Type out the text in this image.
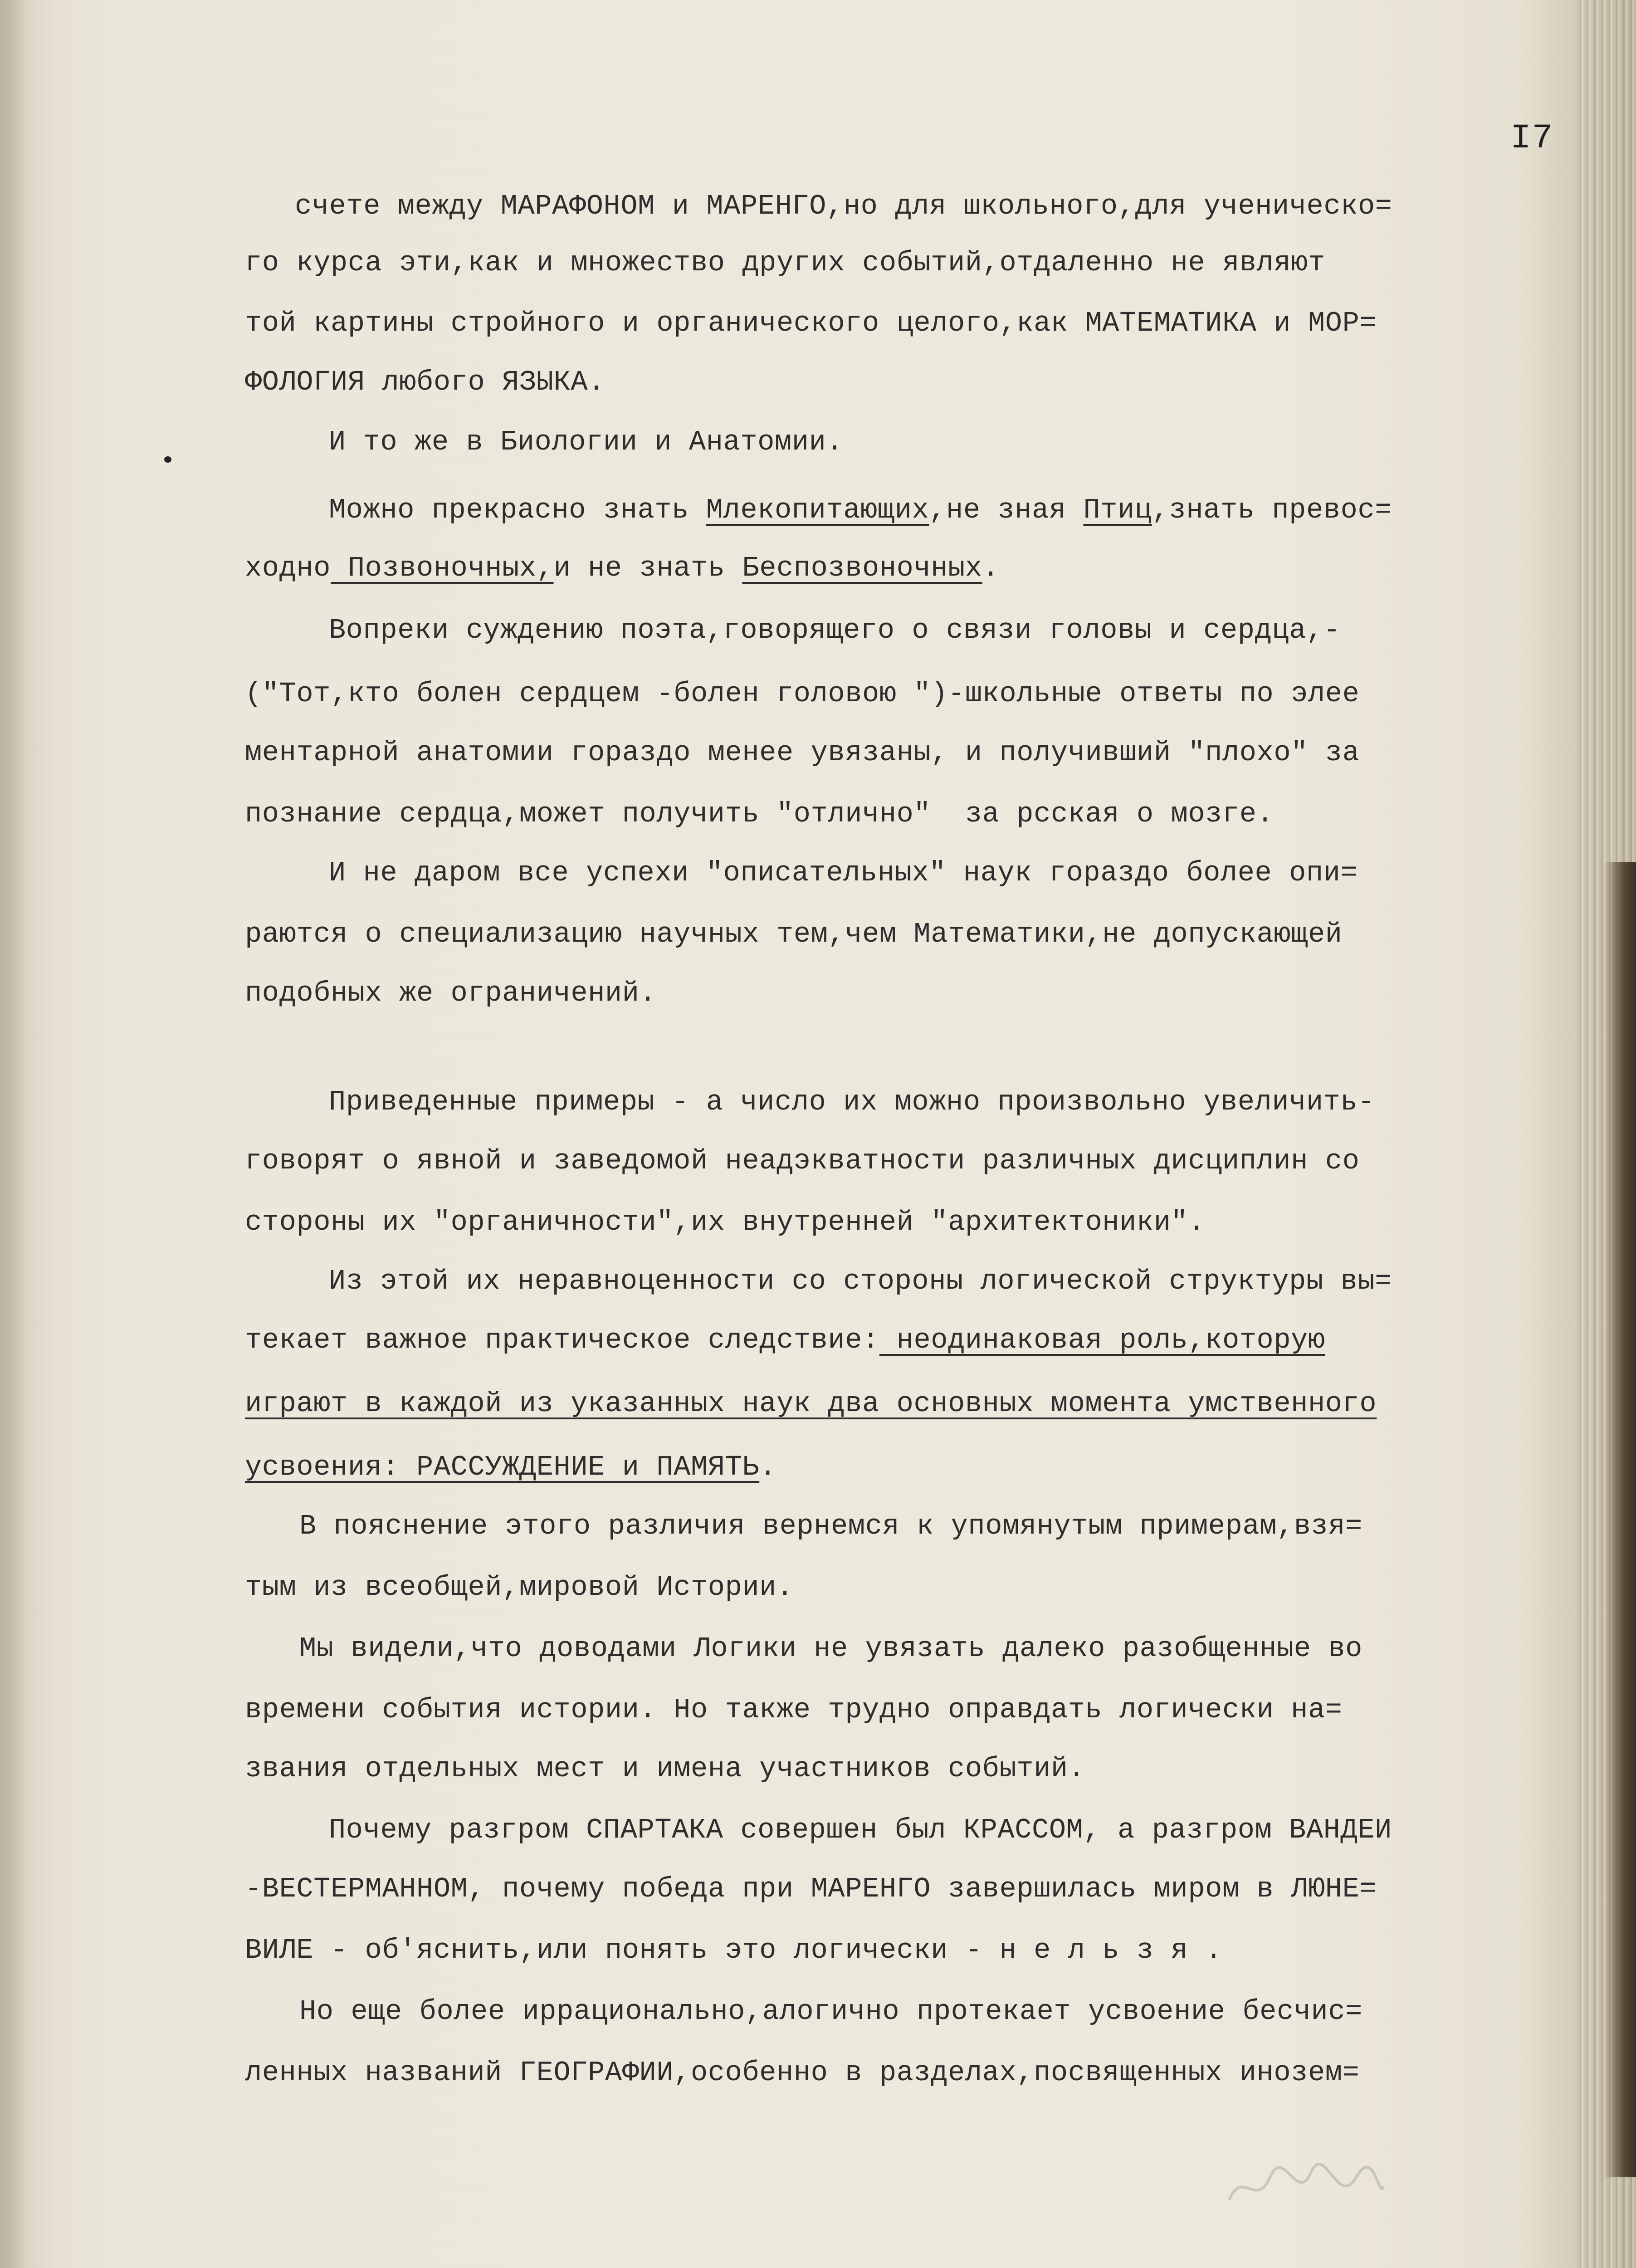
I7
счете между МАРАФОНОМ и МАРЕНГО,но для школьного,для ученическо=
го курса эти,как и множество других событий,отдаленно не являют
той картины стройного и органического целого,как МАТЕМАТИКА и МОР=
ФОЛОГИЯ любого ЯЗЫКА.
И то же в Биологии и Анатомии.
Можно прекрасно знать Млекопитающих,не зная Птиц,знать превос=
ходно Позвоночных,и не знать Беспозвоночных.
Вопреки суждению поэта,говорящего о связи головы и сердца,-
("Тот,кто болен сердцем -болен головою ")-школьные ответы по элее
ментарной анатомии гораздо менее увязаны, и получивший "плохо" за
познание сердца,может получить "отлично"  за рсская о мозге.
И не даром все успехи "описательных" наук гораздо более опи=
раются о специализацию научных тем,чем Математики,не допускающей
подобных же ограничений.
Приведенные примеры - а число их можно произвольно увеличить-
говорят о явной и заведомой неадэкватности различных дисциплин со
стороны их "органичности",их внутренней "архитектоники".
Из этой их неравноценности со стороны логической структуры вы=
текает важное практическое следствие: неодинаковая роль,которую
играют в каждой из указанных наук два основных момента умственного
усвоения: РАССУЖДЕНИЕ и ПАМЯТЬ.
В пояснение этого различия вернемся к упомянутым примерам,взя=
тым из всеобщей,мировой Истории.
Мы видели,что доводами Логики не увязать далеко разобщенные во
времени события истории. Но также трудно оправдать логически на=
звания отдельных мест и имена участников событий.
Почему разгром СПАРТАКА совершен был КРАССОМ, а разгром ВАНДЕИ
-ВЕСТЕРМАННОМ, почему победа при МАРЕНГО завершилась миром в ЛЮНЕ=
ВИЛЕ - об'яснить,или понять это логически - н е л ь з я .
Но еще более иррационально,алогично протекает усвоение бесчис=
ленных названий ГЕОГРАФИИ,особенно в разделах,посвященных инозем=
